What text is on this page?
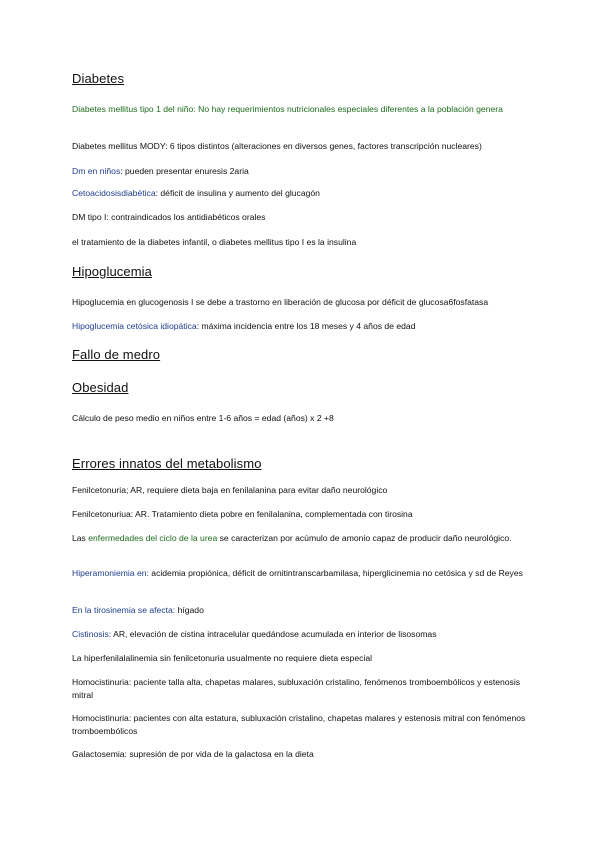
Diabetes
Diabetes mellitus tipo 1 del niño: No hay requerimientos nutricionales especiales diferentes a la población genera
Diabetes mellitus MODY: 6 tipos distintos (alteraciones en diversos genes, factores transcripción nucleares)
Dm en niños: pueden presentar enuresis 2aria
Cetoacidosisdiabética: déficit de insulina y aumento del glucagón
DM tipo I: contraindicados los antidiabéticos orales
el tratamiento de la diabetes infantil, o diabetes mellitus tipo I es la insulina
Hipoglucemia
Hipoglucemia en glucogenosis I se debe a trastorno en liberación de glucosa por déficit de glucosa6fosfatasa
Hipoglucemia cetósica idiopática: máxima incidencia entre los 18 meses y 4 años de edad
Fallo de medro
Obesidad
Cálculo de peso medio en niños entre 1-6 años = edad (años) x 2 +8
Errores innatos del metabolismo
Fenilcetonuria; AR, requiere dieta baja en fenilalanina para evitar daño neurológico
Fenilcetonuriua: AR. Tratamiento dieta pobre en fenilalanina, complementada con tirosina
Las enfermedades del ciclo de la urea se caracterizan por acúmulo de amonio capaz de producir daño neurológico.
Hiperamoniemia en: acidemia propiónica, déficit de ornitintranscarbamilasa, hiperglicinemia no cetósica y sd de Reyes
En la tirosinemia se afecta: hígado
Cistinosis: AR, elevación de cistina intracelular quedándose acumulada en interior de lisosomas
La hiperfenilalalinemia sin fenilcetonuria usualmente no requiere dieta especial
Homocistinuria: paciente talla alta, chapetas malares, subluxación cristalino, fenómenos tromboembólicos y estenosis mitral
Homocistinuria: pacientes con alta estatura, subluxación cristalino, chapetas malares y estenosis mitral con fenómenos tromboembólicos
Galactosemia: supresión de por vida de la galactosa en la dieta
